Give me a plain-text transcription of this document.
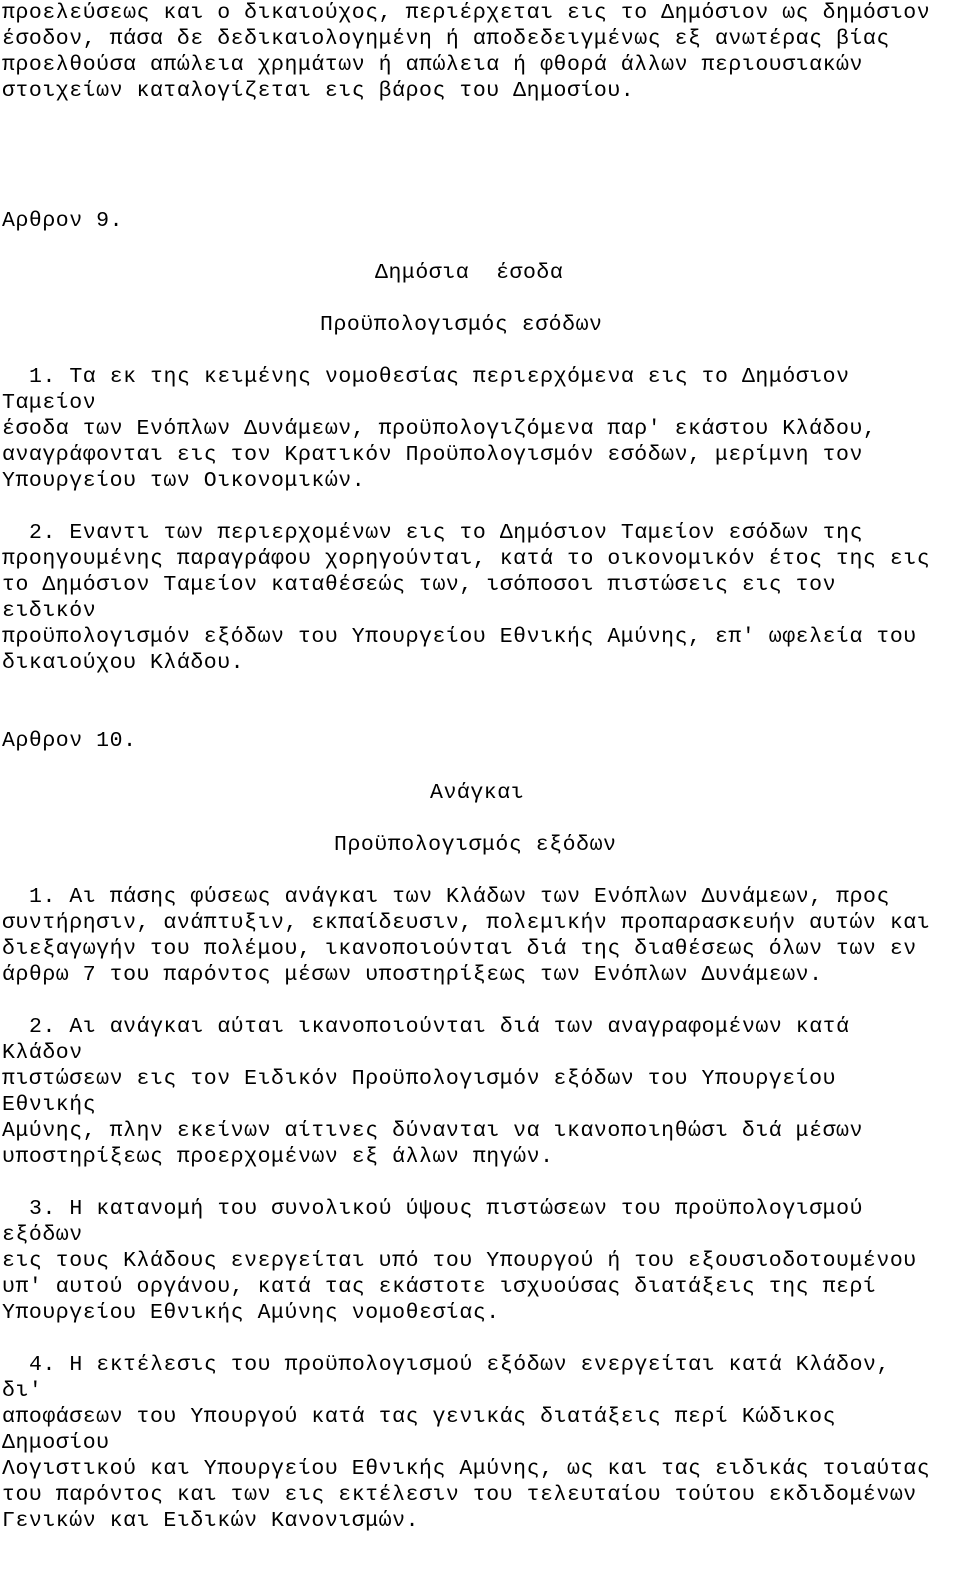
προελεύσεως και ο δικαιούχος, περιέρχεται εις το Δημόσιον ως δημόσιον
έσοδον, πάσα δε δεδικαιολογημένη ή αποδεδειγμένως εξ ανωτέρας βίας
προελθούσα απώλεια χρημάτων ή απώλεια ή φθορά άλλων περιουσιακών
στοιχείων καταλογίζεται εις βάρος του Δημοσίου.
Αρθρον 9.
Δημόσια  έσοδα
Προϋπολογισμός εσόδων
1. Τα εκ της κειμένης νομοθεσίας περιερχόμενα εις το Δημόσιον
Ταμείον
έσοδα των Ενόπλων Δυνάμεων, προϋπολογιζόμενα παρ' εκάστου Κλάδου,
αναγράφονται εις τον Κρατικόν Προϋπολογισμόν εσόδων, μερίμνη τον
Υπουργείου των Οικονομικών.
2. Εναντι των περιερχομένων εις το Δημόσιον Ταμείον εσόδων της
προηγουμένης παραγράφου χορηγούνται, κατά το οικονομικόν έτος της εις
το Δημόσιον Ταμείον καταθέσεώς των, ισόποσοι πιστώσεις εις τον
ειδικόν
προϋπολογισμόν εξόδων του Υπουργείου Εθνικής Αμύνης, επ' ωφελεία του
δικαιούχου Κλάδου.
Αρθρον 10.
Ανάγκαι
Προϋπολογισμός εξόδων
1. Αι πάσης φύσεως ανάγκαι των Κλάδων των Ενόπλων Δυνάμεων, προς
συντήρησιν, ανάπτυξιν, εκπαίδευσιν, πολεμικήν προπαρασκευήν αυτών και
διεξαγωγήν του πολέμου, ικανοποιούνται διά της διαθέσεως όλων των εν
άρθρω 7 του παρόντος μέσων υποστηρίξεως των Ενόπλων Δυνάμεων.
2. Αι ανάγκαι αύται ικανοποιούνται διά των αναγραφομένων κατά
Κλάδον
πιστώσεων εις τον Ειδικόν Προϋπολογισμόν εξόδων του Υπουργείου
Εθνικής
Αμύνης, πλην εκείνων αίτινες δύνανται να ικανοποιηθώσι διά μέσων
υποστηρίξεως προερχομένων εξ άλλων πηγών.
3. Η κατανομή του συνολικού ύψους πιστώσεων του προϋπολογισμού
εξόδων
εις τους Κλάδους ενεργείται υπό του Υπουργού ή του εξουσιοδοτουμένου
υπ' αυτού οργάνου, κατά τας εκάστοτε ισχυούσας διατάξεις της περί
Υπουργείου Εθνικής Αμύνης νομοθεσίας.
4. Η εκτέλεσις του προϋπολογισμού εξόδων ενεργείται κατά Κλάδον,
δι'
αποφάσεων του Υπουργού κατά τας γενικάς διατάξεις περί Κώδικος
Δημοσίου
Λογιστικού και Υπουργείου Εθνικής Αμύνης, ως και τας ειδικάς τοιαύτας
του παρόντος και των εις εκτέλεσιν του τελευταίου τούτου εκδιδομένων
Γενικών και Ειδικών Κανονισμών.
